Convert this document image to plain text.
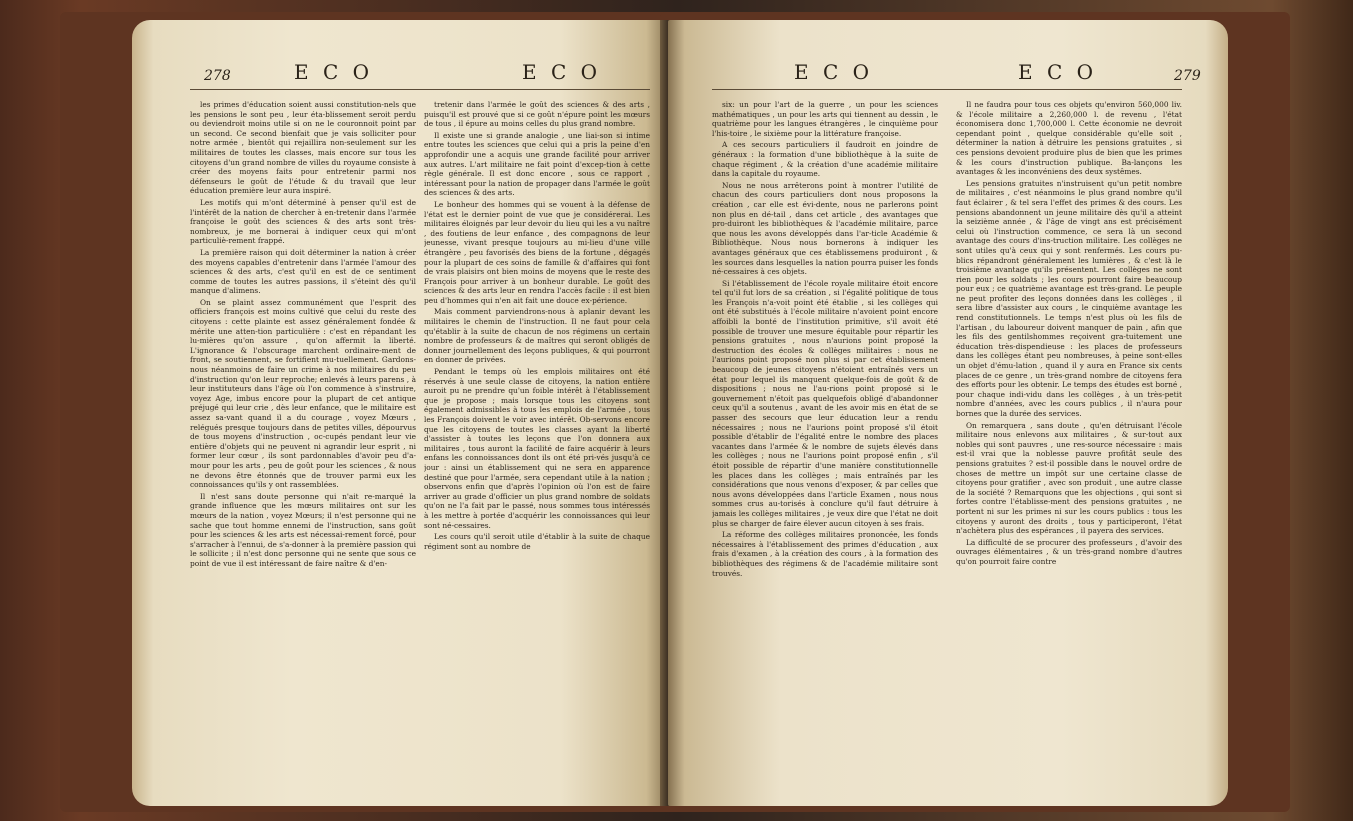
278	E C O	E C O

les primes d'éducation soient aussi constitution-nels que les pensions le sont peu , leur éta-blissement seroit perdu ou deviendroit moins utile si on ne le couronnoit point par un second. Ce second bienfait que je vais solliciter pour notre armée , bientôt qui rejaillira non-seulement sur les militaires de toutes les classes, mais encore sur tous les citoyens d'un grand nombre de villes du royaume consiste à créer des moyens faits pour entretenir parmi nos défenseurs le goût de l'étude & du travail que leur éducation première leur aura inspiré.

Les motifs qui m'ont déterminé à penser qu'il est de l'intérêt de la nation de chercher à en-tretenir dans l'armée françoise le goût des sciences & des arts sont très-nombreux, je me bornerai à indiquer ceux qui m'ont particuliè-rement frappé.

La première raison qui doit déterminer la nation à créer des moyens capables d'entretenir dans l'armée l'amour des sciences & des arts, c'est qu'il en est de ce sentiment comme de toutes les autres passions, il s'éteint dès qu'il manque d'alimens.

On se plaint assez communément que l'esprit des officiers françois est moins cultivé que celui du reste des citoyens : cette plainte est assez généralement fondée & mérite une atten-tion particulière : c'est en répandant les lu-mières qu'on assure , qu'on affermit la liberté. L'ignorance & l'obscurage marchent ordinaire-ment de front, se soutiennent, se fortifient mu-tuellement. Gardons-nous néanmoins de faire un crime à nos militaires du peu d'instruction qu'on leur reproche; enlevés à leurs parens , à leur instituteurs dans l'âge où l'on commence à s'instruire, voyez Age, imbus encore pour la plupart de cet antique préjugé qui leur crie , dès leur enfance, que le militaire est assez sa-vant quand il a du courage , voyez Mœurs , relégués presque toujours dans de petites villes, dépourvus de tous moyens d'instruction , oc-cupés pendant leur vie entière d'objets qui ne peuvent ni agrandir leur esprit , ni former leur cœur , ils sont pardonnables d'avoir peu d'a-mour pour les arts , peu de goût pour les sciences , & nous ne devons être étonnés que de trouver parmi eux les connoissances qu'ils y ont rassemblées.

Il n'est sans doute personne qui n'ait re-marqué la grande influence que les mœurs militaires ont sur les mœurs de la nation , voyez Mœurs; il n'est personne qui ne sache que tout homme ennemi de l'instruction, sans goût pour les sciences & les arts est nécessai-rement forcé, pour s'arracher à l'ennui, de s'a-donner à la première passion qui le sollicite ; il n'est donc personne qui ne sente que sous ce point de vue il est intéressant de faire naître & d'en-

tretenir dans l'armée le goût des sciences & des arts , puisqu'il est prouvé que si ce goût n'épure point les mœurs de tous , il épure au moins celles du plus grand nombre.

Il existe une si grande analogie , une liai-son si intime entre toutes les sciences que celui qui a pris la peine d'en approfondir une a acquis une grande facilité pour arriver aux autres. L'art militaire ne fait point d'excep-tion à cette règle générale. Il est donc encore , sous ce rapport , intéressant pour la nation de propager dans l'armée le goût des sciences & des arts.

Le bonheur des hommes qui se vouent à la défense de l'état est le dernier point de vue que je considérerai. Les militaires éloignés par leur devoir du lieu qui les a vu naître , des foutiens de leur enfance , des compagnons de leur jeunesse, vivant presque toujours au mi-lieu d'une ville étrangère , peu favorisés des biens de la fortune , dégagés pour la plupart de ces soins de famille & d'affaires qui font de vrais plaisirs ont bien moins de moyens que le reste des François pour arriver à un bonheur durable. Le goût des sciences & des arts leur en rendra l'accès facile : il est bien peu d'hommes qui n'en ait fait une douce ex-périence.

Mais comment parviendrons-nous à aplanir devant les militaires le chemin de l'instruction. Il ne faut pour cela qu'établir à la suite de chacun de nos régimens un certain nombre de professeurs & de maîtres qui seront obligés de donner journellement des leçons publiques, & qui pourront en donner de privées.

Pendant le temps où les emplois militaires ont été réservés à une seule classe de citoyens, la nation entière auroit pu ne prendre qu'un foible intérêt à l'établissement que je propose ; mais lorsque tous les citoyens sont également admissibles à tous les emplois de l'armée , tous les François doivent le voir avec intérêt. Ob-servons encore que les citoyens de toutes les classes ayant la liberté d'assister à toutes les leçons que l'on donnera aux militaires , tous auront la facilité de faire acquérir à leurs enfans les connoissances dont ils ont été pri-vés jusqu'à ce jour : ainsi un établissement qui ne sera en apparence destiné que pour l'armée, sera cependant utile à la nation ; observons enfin que d'après l'opinion où l'on est de faire arriver au grade d'officier un plus grand nombre de soldats qu'on ne l'a fait par le passé, nous sommes tous intéressés à les mettre à portée d'acquérir les connoissances qui leur sont né-cessaires.

Les cours qu'il seroit utile d'établir à la suite de chaque régiment sont au nombre de

E C O	E C O	279

six: un pour l'art de la guerre , un pour les sciences mathématiques , un pour les arts qui tiennent au dessin , le quatrième pour les langues étrangères , le cinquième pour l'his-toire , le sixième pour la littérature françoise.

A ces secours particuliers il faudroit en joindre de généraux : la formation d'une bibliothèque à la suite de chaque régiment , & la création d'une académie militaire dans la capitale du royaume.

Nous ne nous arrêterons point à montrer l'utilité de chacun des cours particuliers dont nous proposons la création , car elle est évi-dente, nous ne parlerons point non plus en dé-tail , dans cet article , des avantages que pro-duiront les bibliothèques & l'académie militaire, parce que nous les avons développés dans l'ar-ticle Académie & Bibliothèque. Nous nous bornerons à indiquer les avantages généraux que ces établissemens produiront , & les sources dans lesquelles la nation pourra puiser les fonds né-cessaires à ces objets.

Si l'établissement de l'école royale militaire étoit encore tel qu'il fut lors de sa création , si l'égalité politique de tous les François n'a-voit point été établie , si les collèges qui ont été substitués à l'école militaire n'avoient point encore affoibli la bonté de l'institution primitive, s'il avoit été possible de trouver une mesure équitable pour répartir les pensions gratuites , nous n'aurions point proposé la destruction des écoles & collèges militaires : nous ne l'aurions point proposé non plus si par cet établissement beaucoup de jeunes citoyens n'étoient entraînés vers un état pour lequel ils manquent quelque-fois de goût & de dispositions ; nous ne l'au-rions point proposé si le gouvernement n'étoit pas quelquefois obligé d'abandonner ceux qu'il a soutenus , avant de les avoir mis en état de se passer des secours que leur éducation leur a rendu nécessaires ; nous ne l'aurions point proposé s'il étoit possible d'établir de l'égalité entre le nombre des places vacantes dans l'armée & le nombre de sujets élevés dans les collèges ; nous ne l'aurions point proposé enfin , s'il étoit possible de répartir d'une manière constitutionnelle les places dans les collèges ; mais entraînés par les considérations que nous venons d'exposer, & par celles que nous avons développées dans l'article Examen , nous nous sommes crus au-torisés à conclure qu'il faut détruire à jamais les collèges militaires , je veux dire que l'état ne doit plus se charger de faire élever aucun citoyen à ses frais.

La réforme des collèges militaires prononcée, les fonds nécessaires à l'établissement des primes d'éducation , aux frais d'examen , à la création des cours , à la formation des bibliothèques des régimens & de l'académie militaire sont trouvés.

Il ne faudra pour tous ces objets qu'environ 560,000 liv. & l'école militaire a 2,260,000 l. de revenu , l'état économisera donc 1,700,000 l. Cette économie ne devroit cependant point , quelque considérable qu'elle soit , déterminer la nation à détruire les pensions gratuites , si ces pensions devoient produire plus de bien que les primes & les cours d'instruction publique. Ba-lançons les avantages & les inconvéniens des deux systêmes.

Les pensions gratuites n'instruisent qu'un petit nombre de militaires , c'est néanmoins le plus grand nombre qu'il faut éclairer , & tel sera l'effet des primes & des cours. Les pensions abandonnent un jeune militaire dès qu'il a atteint la seizième année , & l'âge de vingt ans est précisément celui où l'instruction commence, ce sera là un second avantage des cours d'ins-truction militaire. Les collèges ne sont utiles qu'à ceux qui y sont renfermés. Les cours pu-blics répandront généralement les lumières , & c'est là le troisième avantage qu'ils présentent. Les collèges ne sont rien pour les soldats ; les cours pourront faire beaucoup pour eux ; ce quatrième avantage est très-grand. Le peuple ne peut profiter des leçons données dans les collèges , il sera libre d'assister aux cours , le cinquième avantage les rend constitutionnels. Le temps n'est plus où les fils de l'artisan , du laboureur doivent manquer de pain , afin que les fils des gentilshommes reçoivent gra-tuitement une éducation très-dispendieuse : les places de professeurs dans les collèges étant peu nombreuses, à peine sont-elles un objet d'ému-lation , quand il y aura en France six cents places de ce genre , un très-grand nombre de citoyens fera des efforts pour les obtenir. Le temps des études est borné , pour chaque indi-vidu dans les collèges , à un très-petit nombre d'années, avec les cours publics , il n'aura pour bornes que la durée des services.

On remarquera , sans doute , qu'en détruisant l'école militaire nous enlevons aux militaires , & sur-tout aux nobles qui sont pauvres , une res-source nécessaire : mais est-il vrai que la noblesse pauvre profitât seule des pensions gratuites ? est-il possible dans le nouvel ordre de choses de mettre un impôt sur une certaine classe de citoyens pour gratifier , avec son produit , une autre classe de la société ? Remarquons que les objections , qui sont si fortes contre l'établisse-ment des pensions gratuites , ne portent ni sur les primes ni sur les cours publics : tous les citoyens y auront des droits , tous y participeront, l'état n'achètera plus des espérances , il payera des services.

La difficulté de se procurer des professeurs , d'avoir des ouvrages élémentaires , & un très-grand nombre d'autres qu'on pourroit faire contre
